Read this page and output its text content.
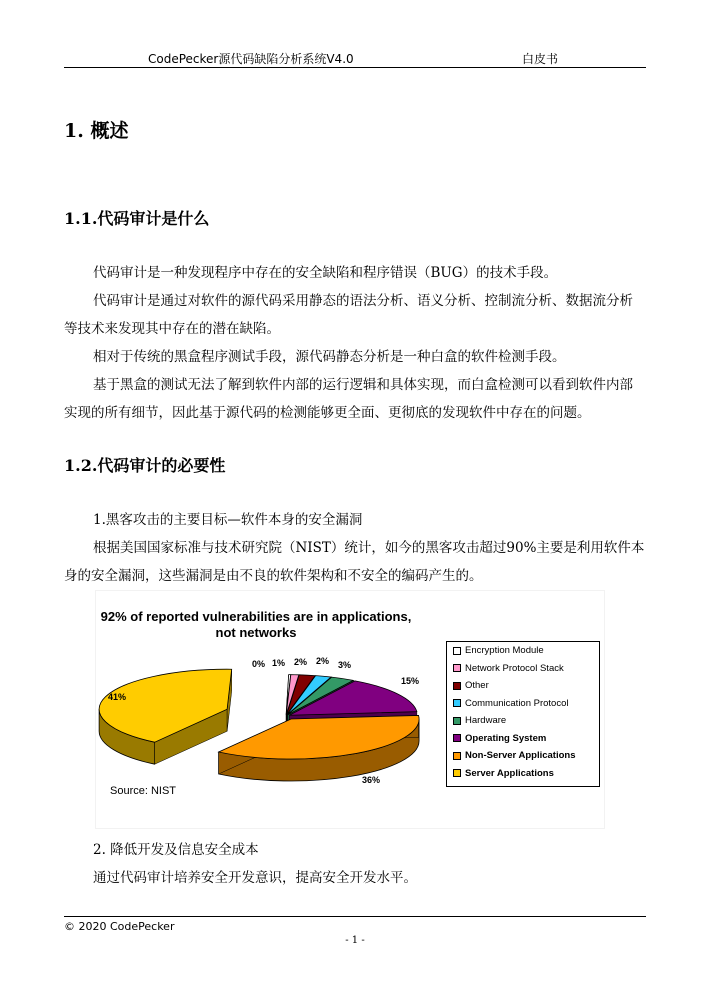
CodePecker源代码缺陷分析系统V4.0	白皮书
1. 概述
1.1.代码审计是什么

代码审计是一种发现程序中存在的安全缺陷和程序错误（BUG）的技术手段。

代码审计是通过对软件的源代码采用静态的语法分析、语义分析、控制流分析、数据流分析等技术来发现其中存在的潜在缺陷。

相对于传统的黑盒程序测试手段，源代码静态分析是一种白盒的软件检测手段。

基于黑盒的测试无法了解到软件内部的运行逻辑和具体实现，而白盒检测可以看到软件内部实现的所有细节，因此基于源代码的检测能够更全面、更彻底的发现软件中存在的问题。

1.2.代码审计的必要性

1.黑客攻击的主要目标—软件本身的安全漏洞

根据美国国家标准与技术研究院（NIST）统计，如今的黑客攻击超过90%主要是利用软件本身的安全漏洞，这些漏洞是由不良的软件架构和不安全的编码产生的。

92% of reported vulnerabilities are in applications, not networks
0% 1% 2% 2% 3%
15%
36%
41%
Source: NIST
Encryption Module
Network Protocol Stack
Other
Communication Protocol
Hardware
Operating System
Non-Server Applications
Server Applications

2. 降低开发及信息安全成本

通过代码审计培养安全开发意识，提高安全开发水平。

© 2020 CodePecker
- 1 -
